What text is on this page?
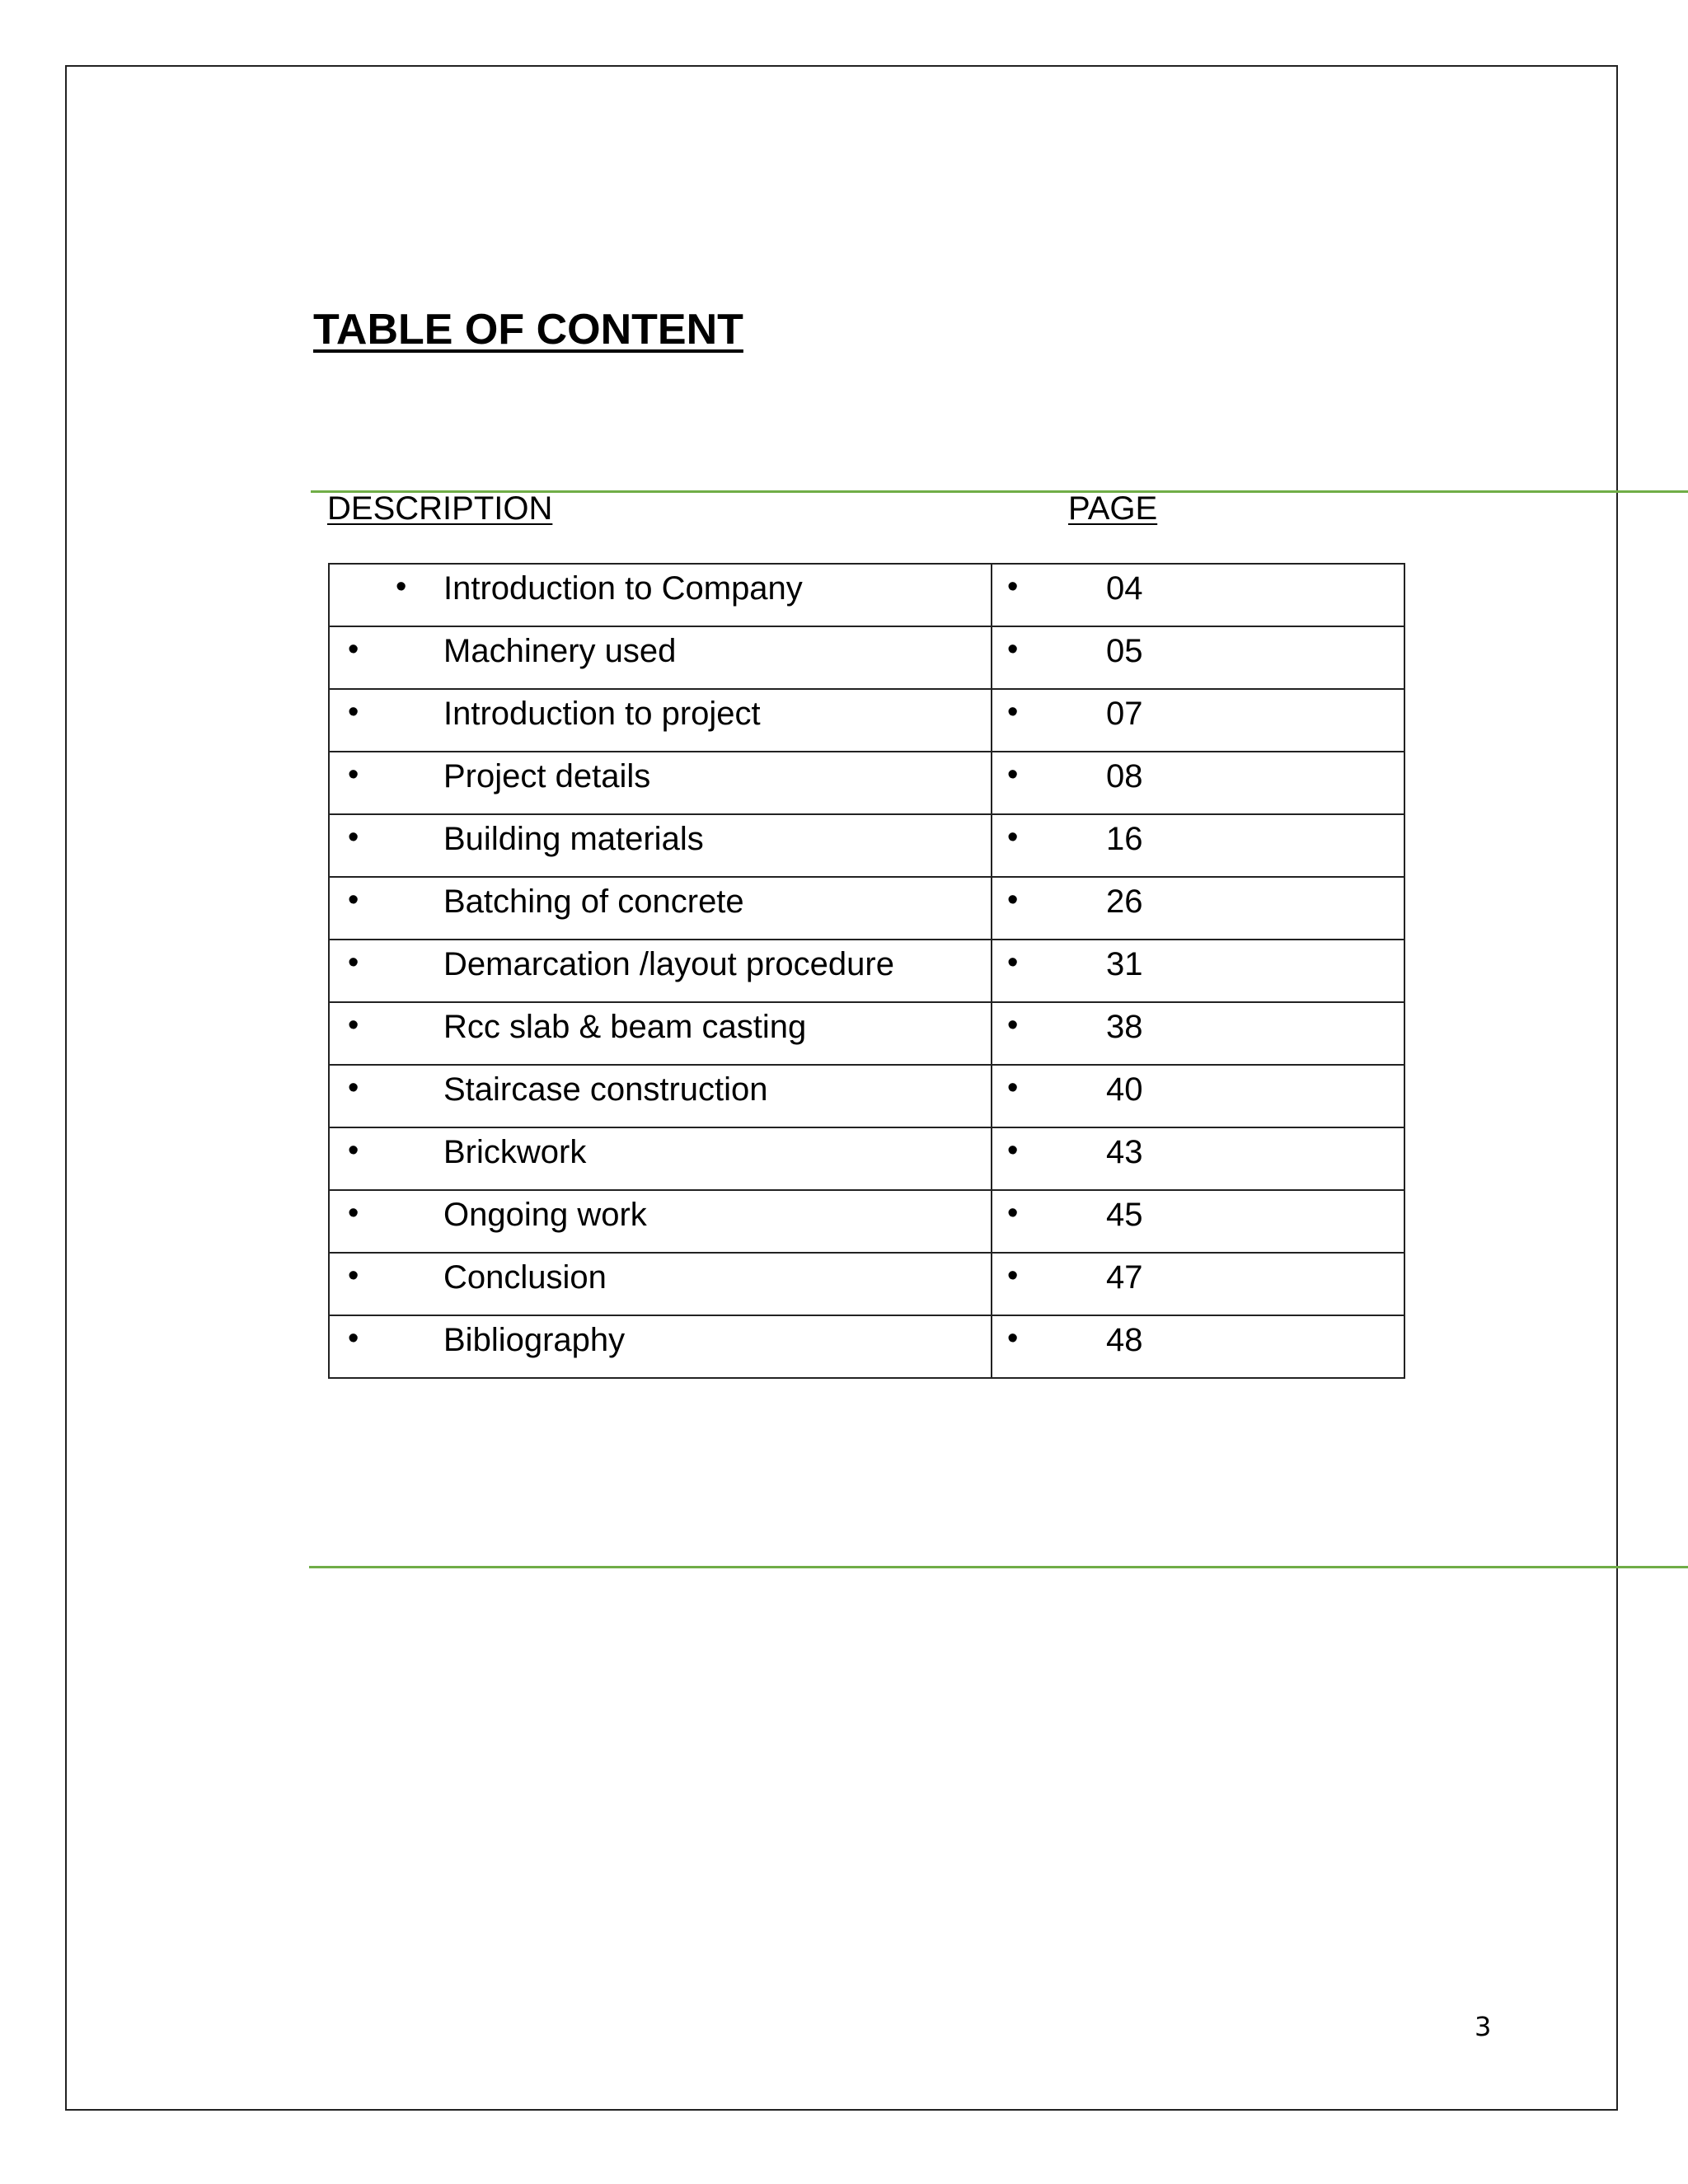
TABLE OF CONTENT
DESCRIPTION	PAGE
• Introduction to Company	• 04

• Machinery used	• 05

• Introduction to project	• 07

• Project details	• 08

• Building materials	• 16

• Batching of concrete	• 26

• Demarcation /layout procedure	• 31

• Rcc slab & beam casting	• 38

• Staircase construction	• 40

• Brickwork	• 43

• Ongoing work	• 45

• Conclusion	• 47

• Bibliography	• 48
3
